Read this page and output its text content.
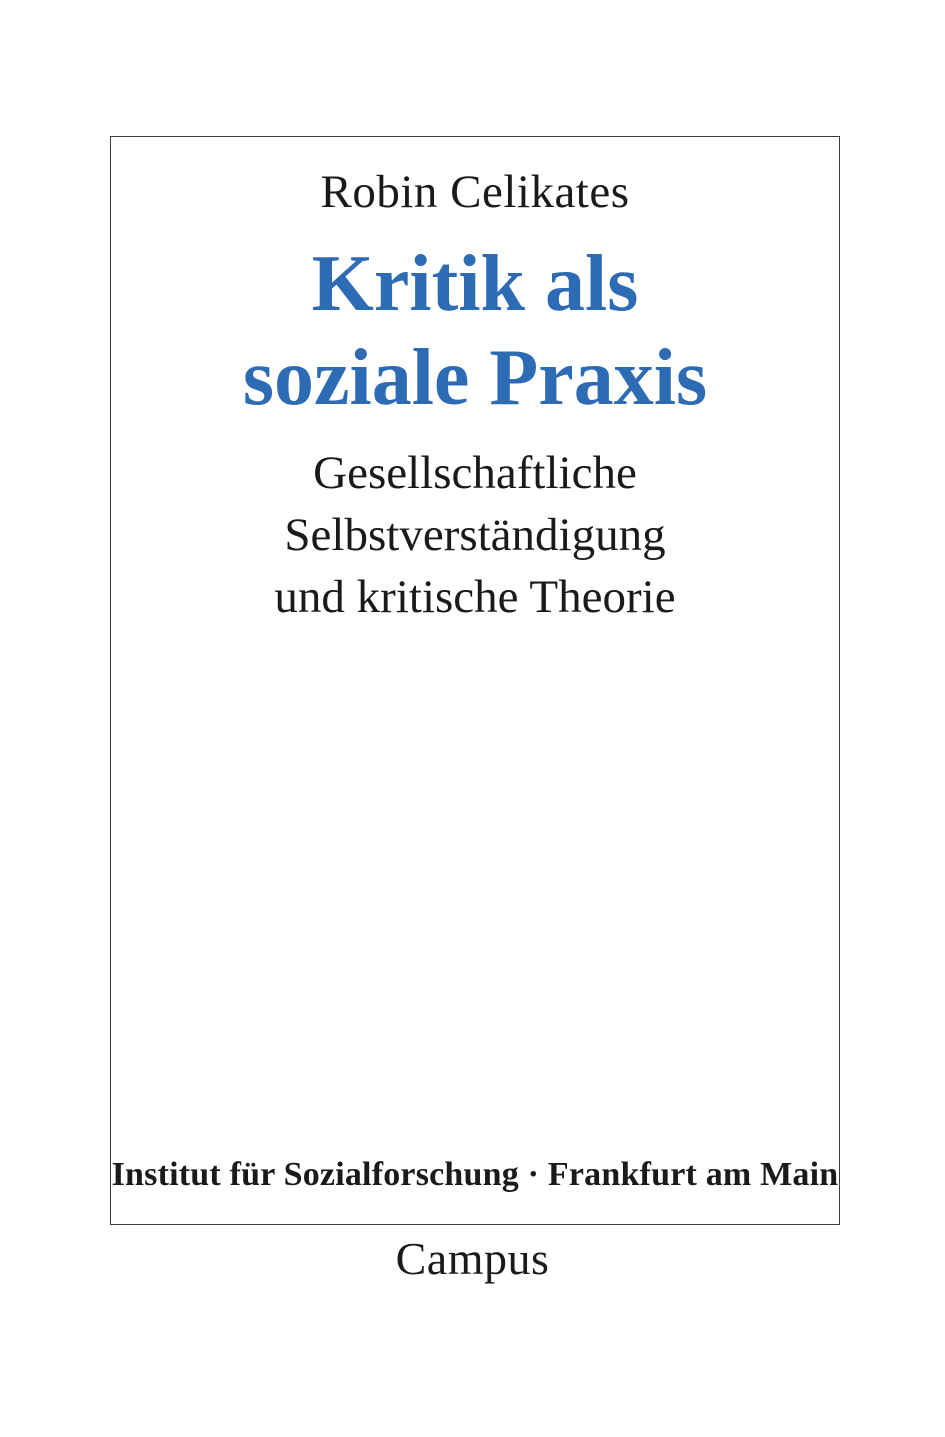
Robin Celikates
Kritik als
soziale Praxis
Gesellschaftliche
Selbstverständigung
und kritische Theorie
Institut für Sozialforschung · Frankfurt am Main
Campus
